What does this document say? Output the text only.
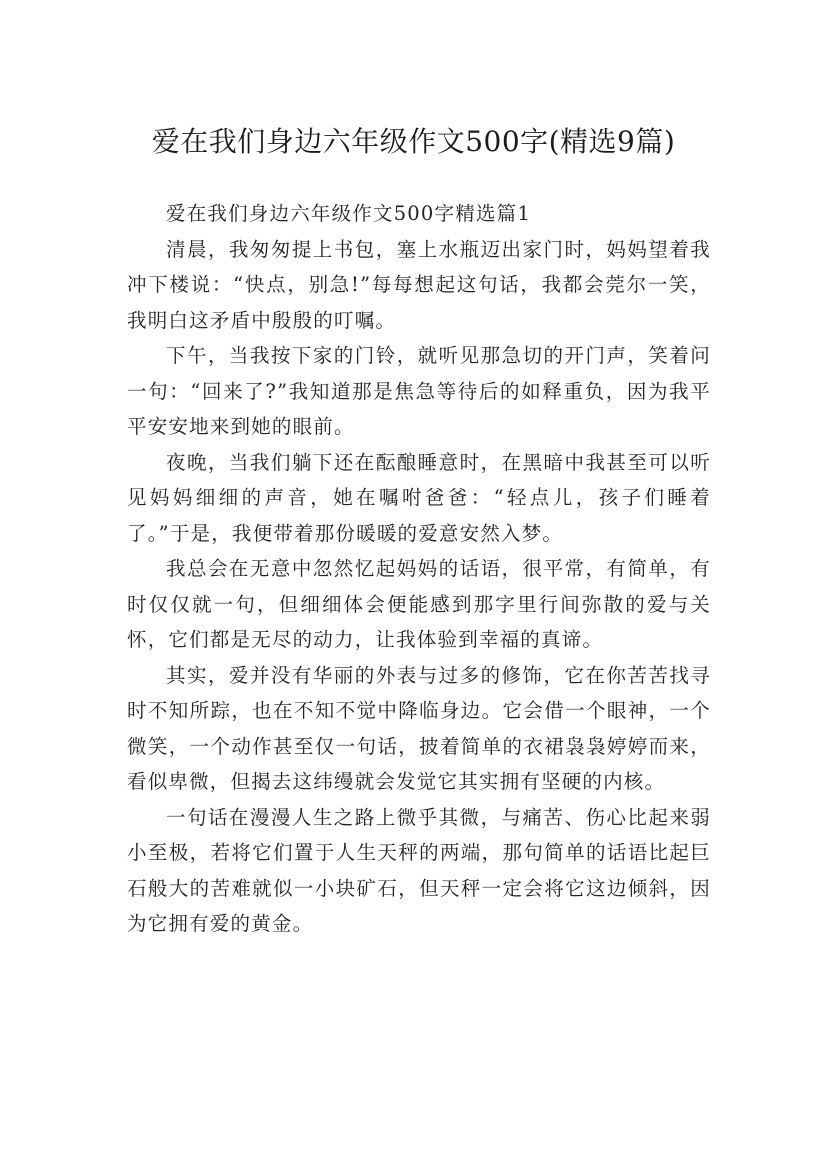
爱在我们身边六年级作文500字(精选9篇)

爱在我们身边六年级作文500字精选篇1

清晨，我匆匆提上书包，塞上水瓶迈出家门时，妈妈望着我冲下楼说：“快点，别急!”每每想起这句话，我都会莞尔一笑，我明白这矛盾中殷殷的叮嘱。

下午，当我按下家的门铃，就听见那急切的开门声，笑着问一句：“回来了?”我知道那是焦急等待后的如释重负，因为我平平安安地来到她的眼前。

夜晚，当我们躺下还在酝酿睡意时，在黑暗中我甚至可以听见妈妈细细的声音，她在嘱咐爸爸：“轻点儿，孩子们睡着了。”于是，我便带着那份暖暖的爱意安然入梦。

我总会在无意中忽然忆起妈妈的话语，很平常，有简单，有时仅仅就一句，但细细体会便能感到那字里行间弥散的爱与关怀，它们都是无尽的动力，让我体验到幸福的真谛。

其实，爱并没有华丽的外表与过多的修饰，它在你苦苦找寻时不知所踪，也在不知不觉中降临身边。它会借一个眼神，一个微笑，一个动作甚至仅一句话，披着简单的衣裙袅袅婷婷而来，看似卑微，但揭去这纬缦就会发觉它其实拥有坚硬的内核。

一句话在漫漫人生之路上微乎其微，与痛苦、伤心比起来弱小至极，若将它们置于人生天秤的两端，那句简单的话语比起巨石般大的苦难就似一小块矿石，但天秤一定会将它这边倾斜，因为它拥有爱的黄金。
